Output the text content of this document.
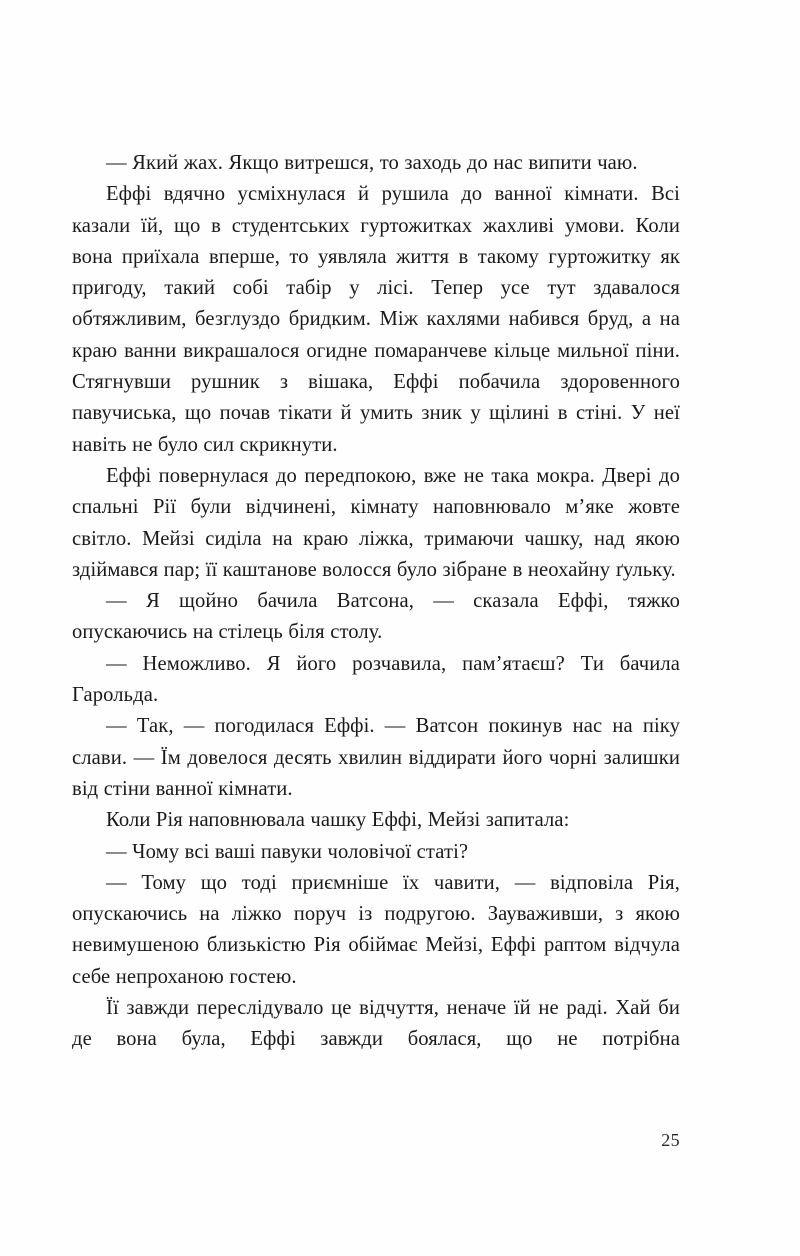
— Який жах. Якщо витрешся, то заходь до нас випити чаю.

Еффі вдячно усміхнулася й рушила до ванної кімнати. Всі казали їй, що в студентських гуртожитках жахливі умови. Коли вона приїхала вперше, то уявляла життя в такому гуртожитку як пригоду, такий собі табір у лісі. Тепер усе тут здавалося обтяжливим, безглуздо бридким. Між кахлями набився бруд, а на краю ванни викрашалося огидне помаранчеве кільце мильної піни. Стягнувши рушник з вішака, Еффі побачила здоровенного павучиська, що почав тікати й умить зник у щілині в стіні. У неї навіть не було сил скрикнути.

Еффі повернулася до передпокою, вже не така мокра. Двері до спальні Рії були відчинені, кімнату наповнювало м’яке жовте світло. Мейзі сиділа на краю ліжка, тримаючи чашку, над якою здіймався пар; її каштанове волосся було зібране в неохайну ґульку.

— Я щойно бачила Ватсона, — сказала Еффі, тяжко опускаючись на стілець біля столу.

— Неможливо. Я його розчавила, пам’ятаєш? Ти бачила Гарольда.

— Так, — погодилася Еффі. — Ватсон покинув нас на піку слави. — Їм довелося десять хвилин віддирати його чорні залишки від стіни ванної кімнати.

Коли Рія наповнювала чашку Еффі, Мейзі запитала:

— Чому всі ваші павуки чоловічої статі?

— Тому що тоді приємніше їх чавити, — відповіла Рія, опускаючись на ліжко поруч із подругою. Зауваживши, з якою невимушеною близькістю Рія обіймає Мейзі, Еффі раптом відчула себе непроханою гостею.

Її завжди переслідувало це відчуття, неначе їй не раді. Хай би де вона була, Еффі завжди боялася, що не потрібна

25
